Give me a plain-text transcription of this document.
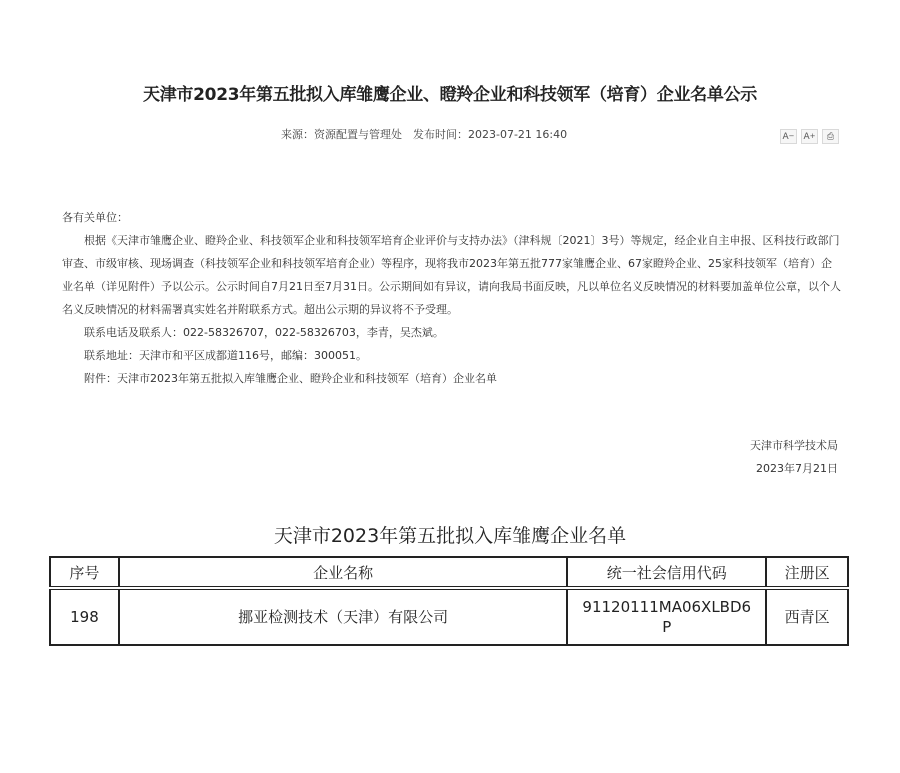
天津市2023年第五批拟入库雏鹰企业、瞪羚企业和科技领军（培育）企业名单公示
来源：资源配置与管理处 发布时间：2023-07-21 16:40	A − A + ⎙

各有关单位：

根据《天津市雏鹰企业、瞪羚企业、科技领军企业和科技领军培育企业评价与支持办法》（津科规〔2021〕3号）等规定，经企业自主申报、区科技行政部门审查、市级审核、现场调查（科技领军企业和科技领军培育企业）等程序，现将我市2023年第五批777家雏鹰企业、67家瞪羚企业、25家科技领军（培育）企业名单（详见附件）予以公示。公示时间自7月21日至7月31日。公示期间如有异议，请向我局书面反映，凡以单位名义反映情况的材料要加盖单位公章，以个人名义反映情况的材料需署真实姓名并附联系方式。超出公示期的异议将不予受理。

联系电话及联系人：022-58326707，022-58326703，李青，吴杰斌。

联系地址：天津市和平区成都道116号，邮编：300051。

附件：天津市2023年第五批拟入库雏鹰企业、瞪羚企业和科技领军（培育）企业名单

天津市科学技术局
2023年7月21日
天津市2023年第五批拟入库雏鹰企业名单
序号	企业名称	统一社会信用代码	注册区
198	挪亚检测技术（天津）有限公司	91120111MA06XLBD6P	西青区
